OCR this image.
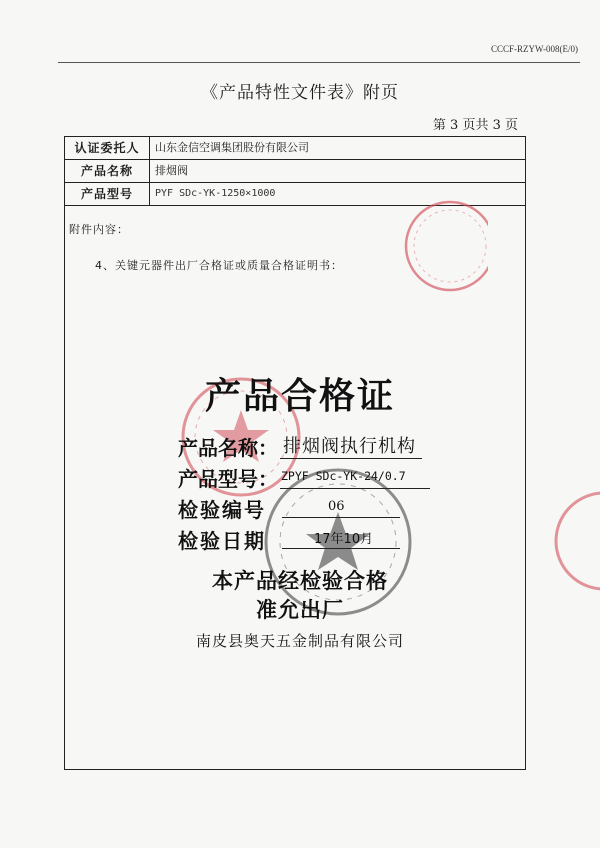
CCCF-RZYW-008(E/0)
《产品特性文件表》附页
第 3 页共 3 页
认证委托人	山东金信空调集团股份有限公司
产品名称	排烟阀
产品型号	PYF SDc-YK-1250×1000
附件内容：
4、关键元器件出厂合格证或质量合格证明书：
产品合格证
产品名称： 排烟阀执行机构
产品型号： ZPYF SDc-YK-24/0.7
检验编号	06
检验日期	17年10月
本产品经检验合格
准允出厂
南皮县奥天五金制品有限公司
